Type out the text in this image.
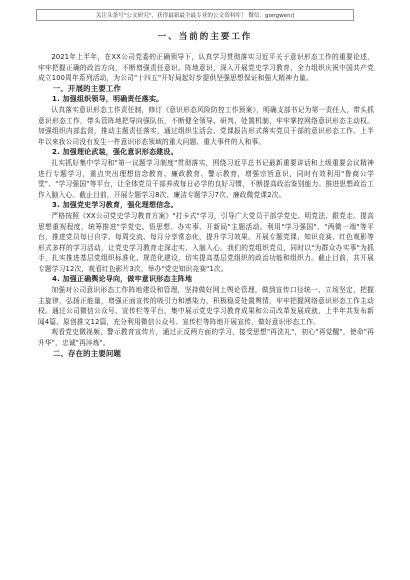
关注头条号"公文研究"，获得最新最全最专业的公文资料库！ 微信：gongwen/j
一、当前的主要工作

2021年上半年，在XX公司党委的正确领导下，认真学习贯彻落实习近平关于意识形态工作的重要论述，牢牢把握正确的政治方向，不断增强责任意识、阵地意识，深入开展党史学习教育，全力组织庆祝中国共产党成立100周年系列活动，为公司"十四五"开好局起好步提供坚强思想保证和强大精神力量。

一、开展的主要工作

1. 加强组织领导，明确责任落实。

认真落实意识形态工作责任制，修订《意识形态风险防控工作预案》，明确支部书记为第一责任人，带头抓意识形态工作，带头管阵地把导向强队伍，不断健全领导、研判、处置机制，牢牢掌控网络意识形态主动权。加强组织内部监督，推动主题责任落实，通过组织生活会、党课报告形式落实党员干部的意识形态工作。上半年以来我公司没有发生一件意识形态领域的重大问题、重大事件的人和事。

2. 加强理论武装，强化意识形态建设。

扎实抓好集中学习和"第一议题学习制度"贯彻落实，围绕习近平总书记最新重要讲话和上级重要会议精神进行专题学习，重点突出理想信念教育、廉政教育、警示教育，增强宗旨意识，同时有效利用"鲁商公学堂"、"学习强国"等平台，让全体党员干部养成每日必学的良好习惯，不断提高政治鉴别能力。推进思想政治工作入脑入心。截止目前，开展专题学习8次、廉洁专题学习7次、廉政微党课2次。

3. 加强党史学习教育，强化理想信念。

严格按照《XX公司党史学习教育方案》"打卡式"学习，引导广大党员干部学党史、明党法、跟党走。提高思想重视程度，统筹推进"学党史、悟思想、办实事、开新局"主题活动。利用"学习强国"、"两微一端"等平台，推进党员每日自学、每周交流、每月分享常态化，提升学习效果。开展专题党课、知识竞赛、红色观影等形式多样的学习活动，让党史学习教育走深走实、入脑入心。我们的党组织党员，同时以"为群众办实事"为抓手，扎实推进基层党组织标准化、规范化建设，切实提高基层党组织的政治功能和组织力。截止目前，共开展专题学习12次，观看红色影片3次，举办"党史知识竞赛"1次。

4. 加强正确舆论导向，做牢意识形态主阵地

加强对公司意识形态工作阵地建设和管理，坚持做好网上舆论管理，做到宣传口径统一、立场坚定，把握主旋律，弘扬正能量，增强正面宣传的吸引力和感染力，积极稳妥处置舆情，牢牢把握网络意识形态工作主动权。通过公司微信公众号、宣传栏等平台，集中展示党史学习教育成果和公司改革发展成就，上半年共发布新闻4篇、原创推文12篇，充分利用微信公众号、宣传栏等阵地开展宣传，做好意识形态工作。

观看党史微视频、警示教育宣传片，通过正反两方面的学习，接受思想"再洗礼"，初心"再觉醒"，使命"再升华"，忠诚"再淬炼"。

二、存在的主要问题
